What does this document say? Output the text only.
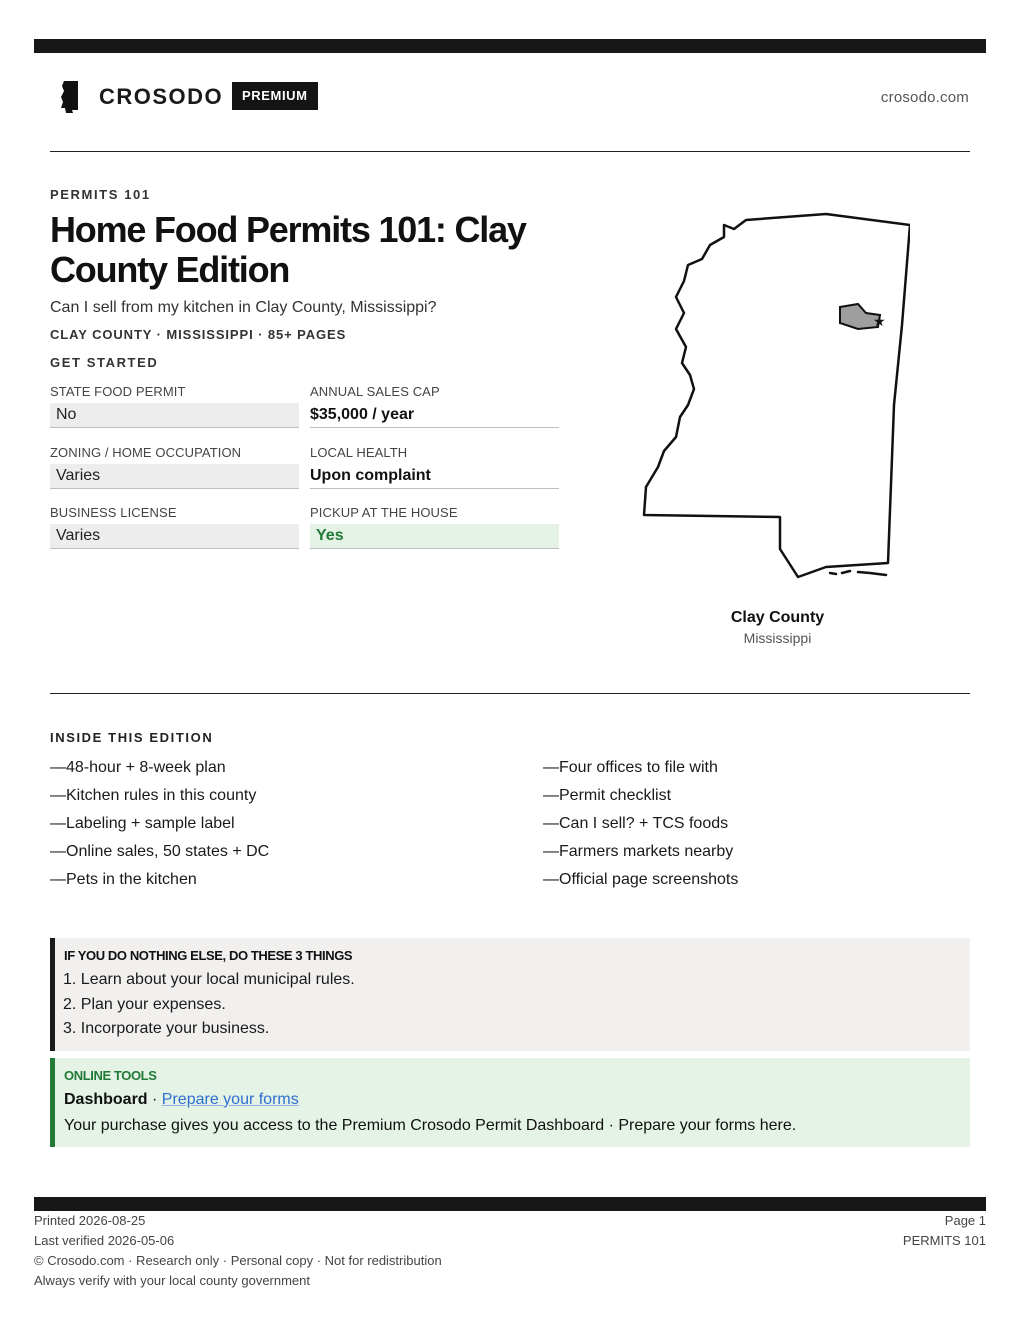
CROSODO	PREMIUM	crosodo.com
PERMITS 101
Home Food Permits 101: Clay County Edition
Can I sell from my kitchen in Clay County, Mississippi?
CLAY COUNTY · MISSISSIPPI · 85+ PAGES
GET STARTED
STATE FOOD PERMIT
No
ANNUAL SALES CAP
$35,000 / year
ZONING / HOME OCCUPATION
Varies
LOCAL HEALTH
Upon complaint
BUSINESS LICENSE
Varies
PICKUP AT THE HOUSE
Yes
★
Clay County
Mississippi
INSIDE THIS EDITION
—48-hour + 8-week plan
—Kitchen rules in this county
—Labeling + sample label
—Online sales, 50 states + DC
—Pets in the kitchen
—Four offices to file with
—Permit checklist
—Can I sell? + TCS foods
—Farmers markets nearby
—Official page screenshots
IF YOU DO NOTHING ELSE, DO THESE 3 THINGS
1. Learn about your local municipal rules.
2. Plan your expenses.
3. Incorporate your business.
ONLINE TOOLS
Dashboard · Prepare your forms
Your purchase gives you access to the Premium Crosodo Permit Dashboard · Prepare your forms here.
Printed 2026-08-25
Last verified 2026-05-06
© Crosodo.com · Research only · Personal copy · Not for redistribution
Always verify with your local county government
Page 1
PERMITS 101
